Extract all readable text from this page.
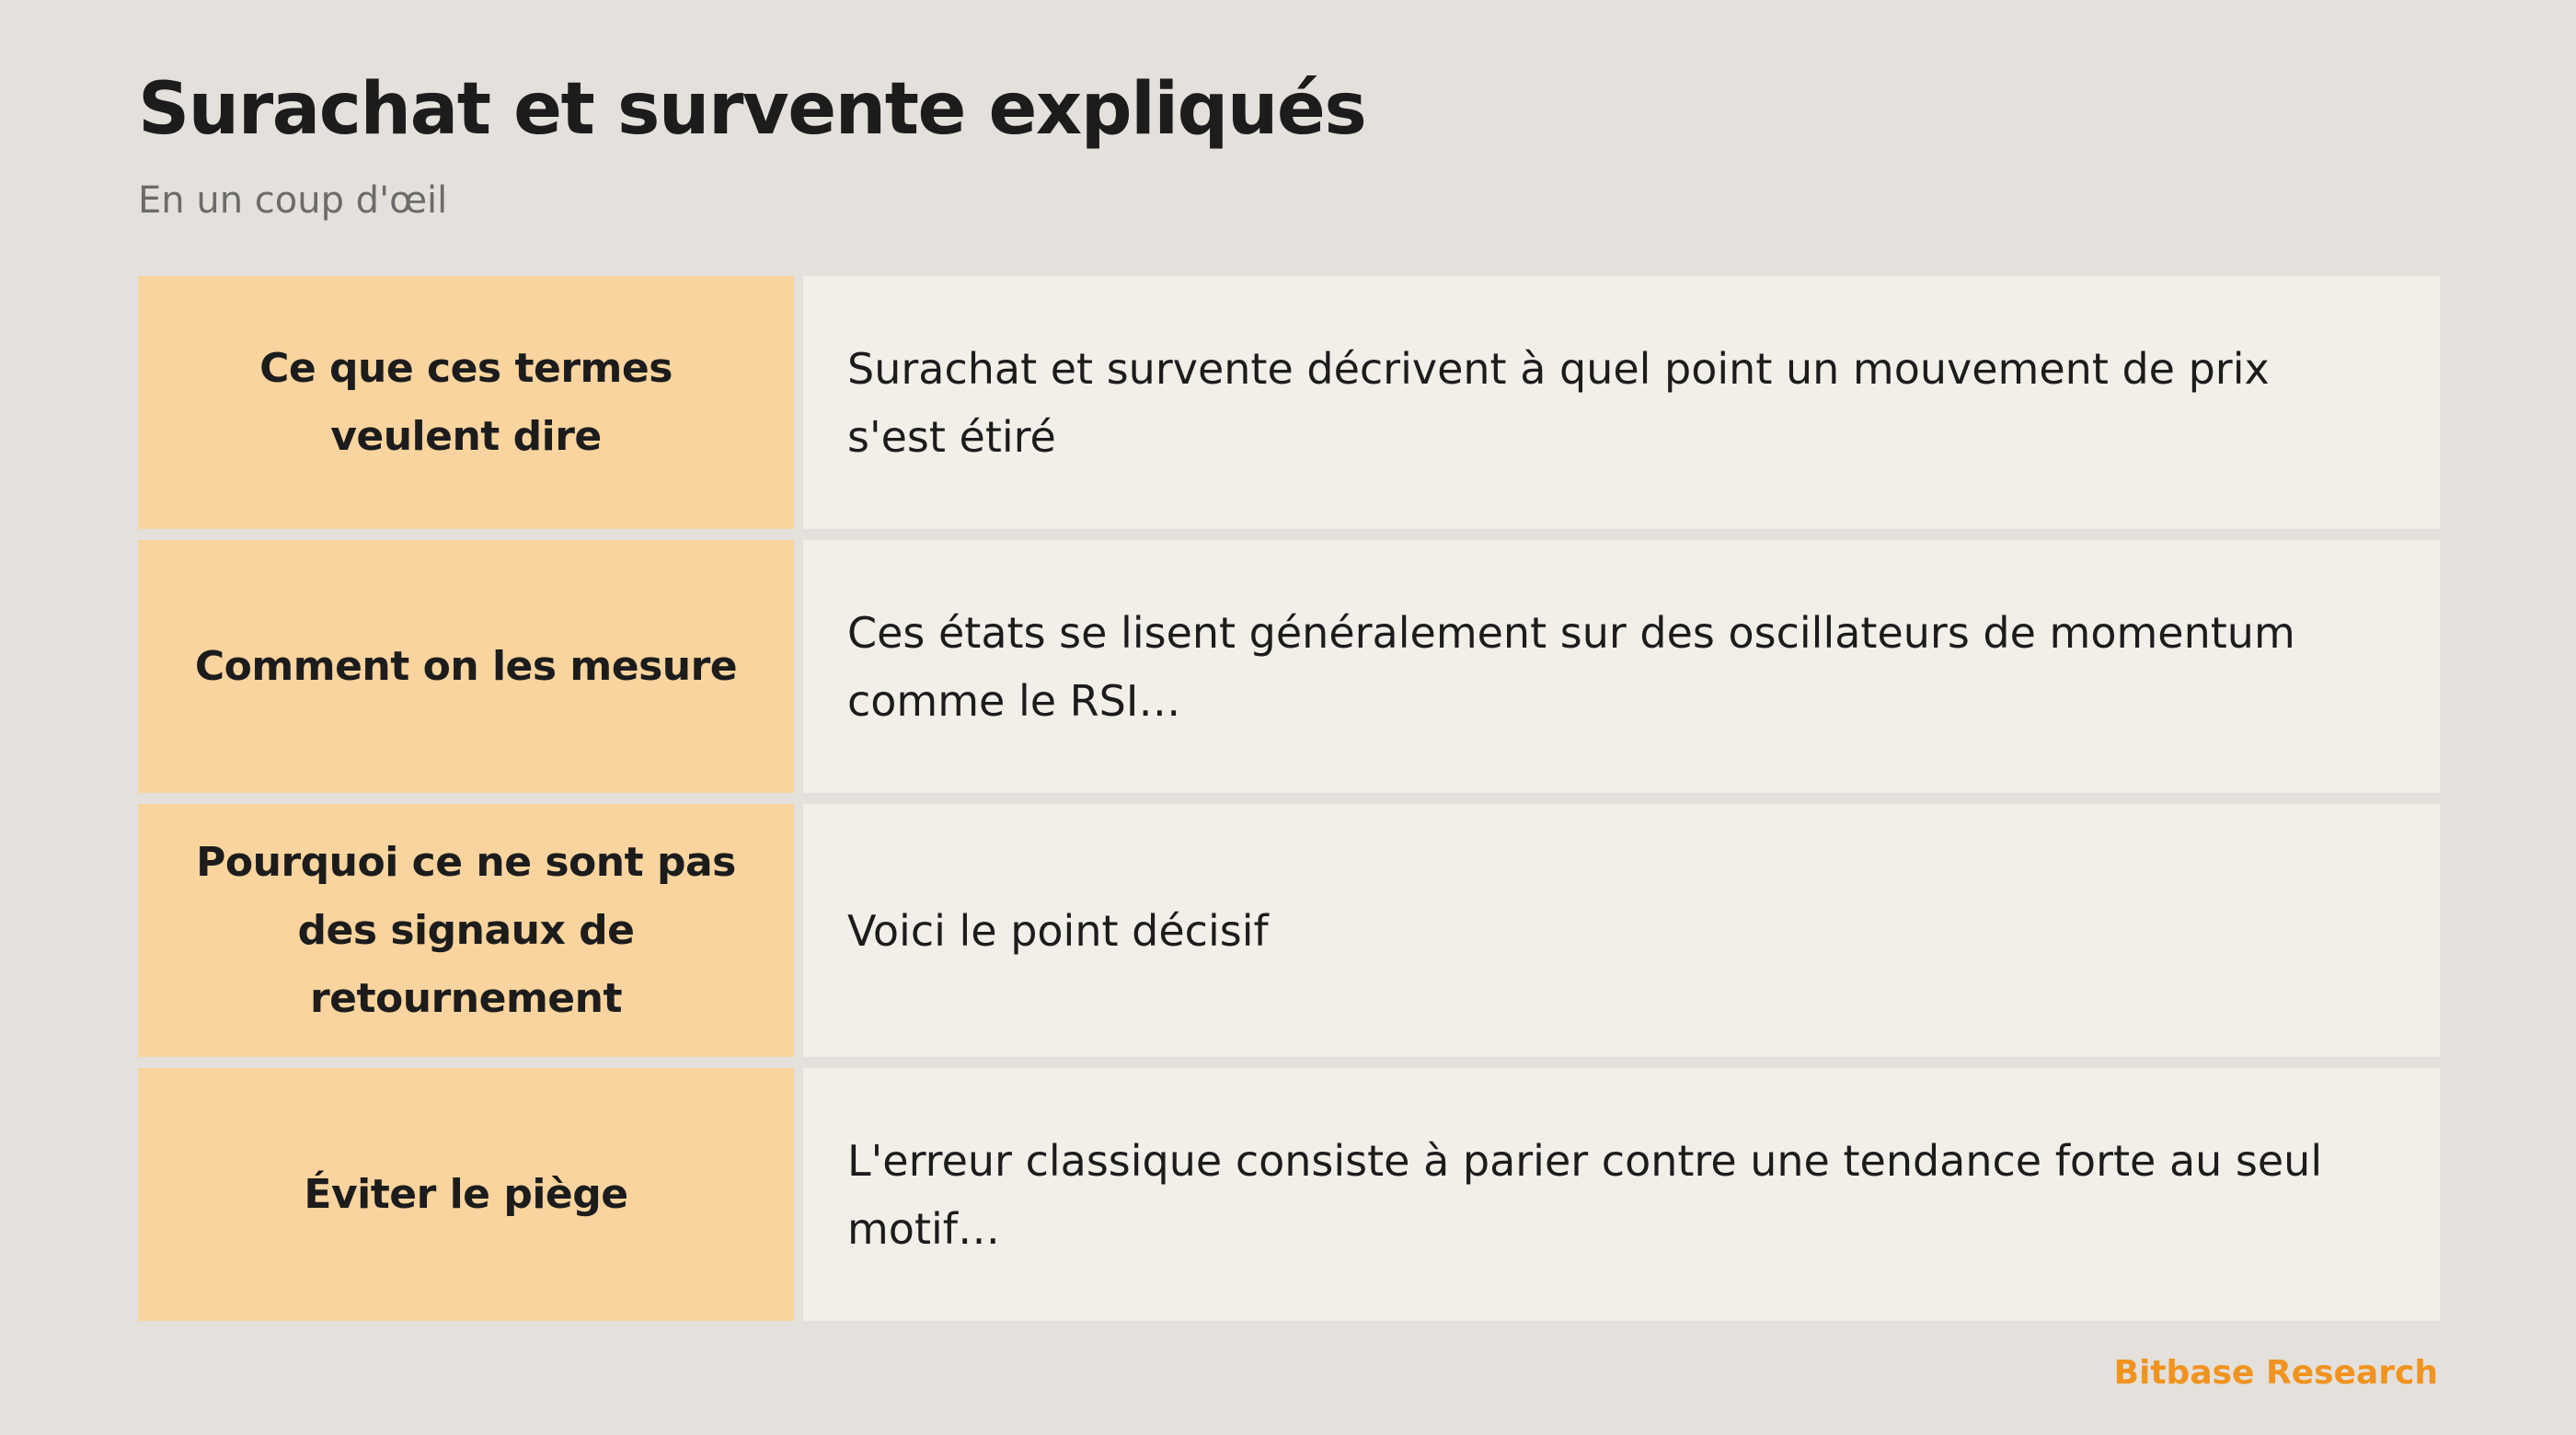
Surachat et survente expliqués

En un coup d'œil

Ce que ces termes veulent dire
Surachat et survente décrivent à quel point un mouvement de prix s'est étiré
Comment on les mesure
Ces états se lisent généralement sur des oscillateurs de momentum comme le RSI…
Pourquoi ce ne sont pas des signaux de retournement
Voici le point décisif
Éviter le piège
L'erreur classique consiste à parier contre une tendance forte au seul motif…

Bitbase Research
